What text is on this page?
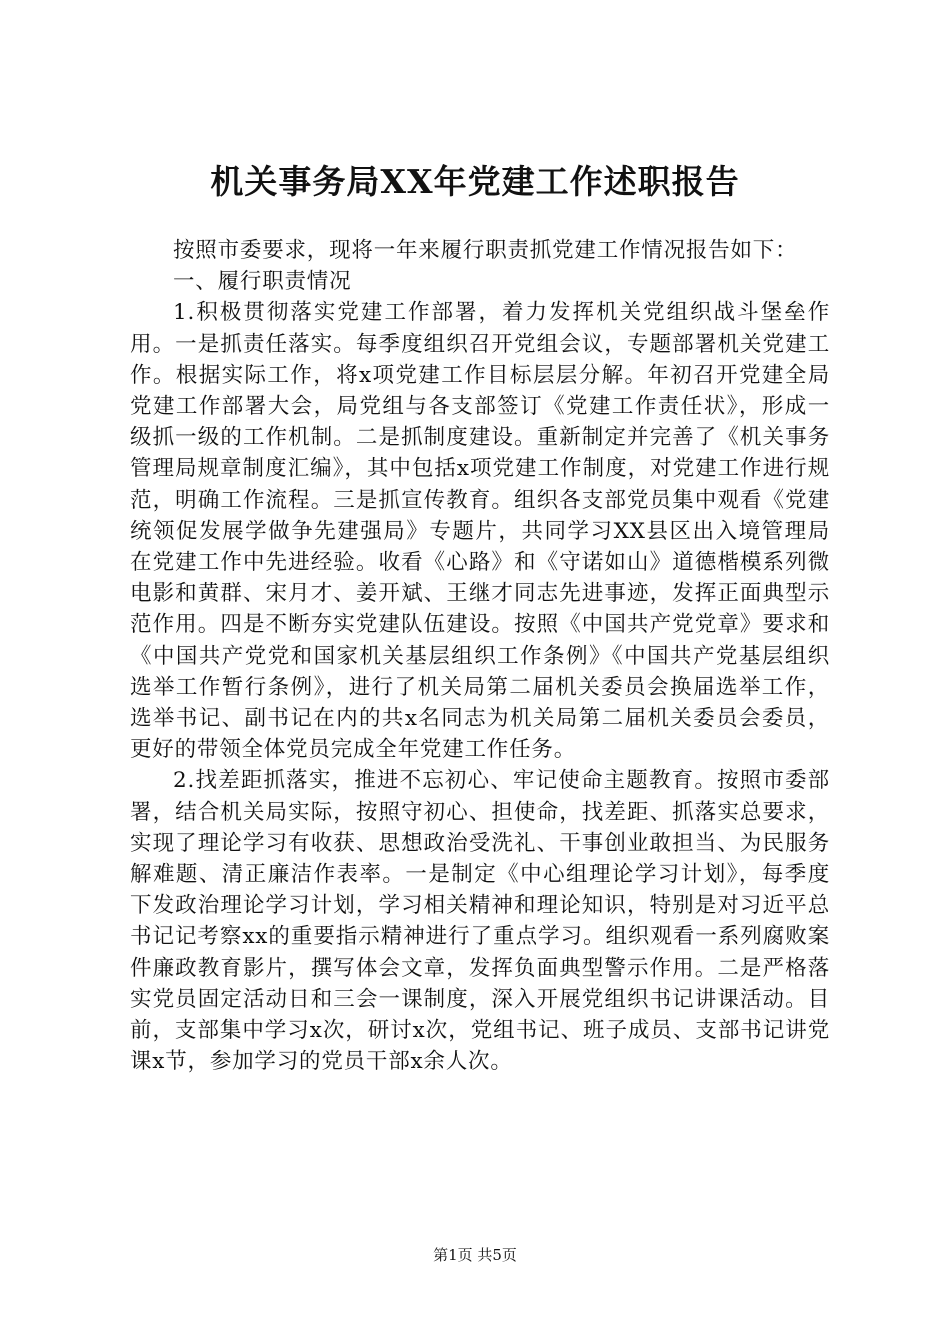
机关事务局XX年党建工作述职报告

按照市委要求，现将一年来履行职责抓党建工作情况报告如下：

一、履行职责情况

1.积极贯彻落实党建工作部署，着力发挥机关党组织战斗堡垒作用。一是抓责任落实。每季度组织召开党组会议，专题部署机关党建工作。根据实际工作，将x项党建工作目标层层分解。年初召开党建全局党建工作部署大会，局党组与各支部签订《党建工作责任状》，形成一级抓一级的工作机制。二是抓制度建设。重新制定并完善了《机关事务管理局规章制度汇编》，其中包括x项党建工作制度，对党建工作进行规范，明确工作流程。三是抓宣传教育。组织各支部党员集中观看《党建统领促发展学做争先建强局》专题片，共同学习XX县区出入境管理局在党建工作中先进经验。收看《心路》和《守诺如山》道德楷模系列微电影和黄群、宋月才、姜开斌、王继才同志先进事迹，发挥正面典型示范作用。四是不断夯实党建队伍建设。按照《中国共产党党章》要求和《中国共产党党和国家机关基层组织工作条例》《中国共产党基层组织选举工作暂行条例》，进行了机关局第二届机关委员会换届选举工作，选举书记、副书记在内的共x名同志为机关局第二届机关委员会委员，更好的带领全体党员完成全年党建工作任务。

2.找差距抓落实，推进不忘初心、牢记使命主题教育。按照市委部署，结合机关局实际，按照守初心、担使命，找差距、抓落实总要求，实现了理论学习有收获、思想政治受洗礼、干事创业敢担当、为民服务解难题、清正廉洁作表率。一是制定《中心组理论学习计划》，每季度下发政治理论学习计划，学习相关精神和理论知识，特别是对习近平总书记记考察xx的重要指示精神进行了重点学习。组织观看一系列腐败案件廉政教育影片，撰写体会文章，发挥负面典型警示作用。二是严格落实党员固定活动日和三会一课制度，深入开展党组织书记讲课活动。目前，支部集中学习x次，研讨x次，党组书记、班子成员、支部书记讲党课x节，参加学习的党员干部x余人次。

第1页 共5页
